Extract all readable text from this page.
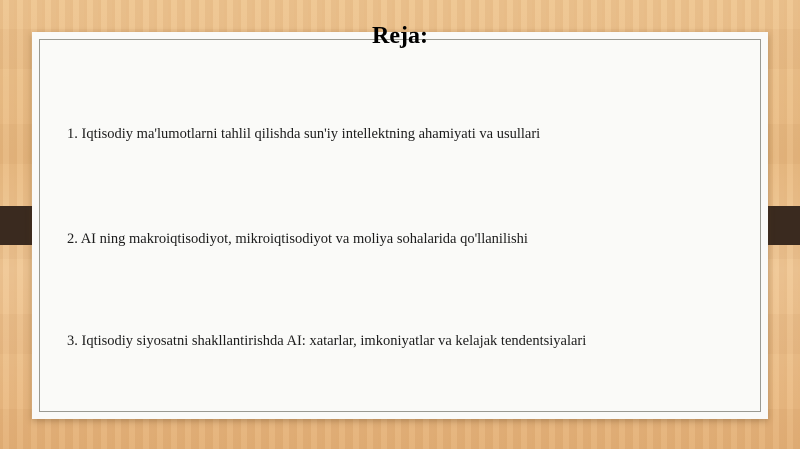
Reja:

1. Iqtisodiy ma'lumotlarni tahlil qilishda sun'iy intellektning ahamiyati va usullari

2. AI ning makroiqtisodiyot, mikroiqtisodiyot va moliya sohalarida qo'llanilishi

3. Iqtisodiy siyosatni shakllantirishda AI: xatarlar, imkoniyatlar va kelajak tendentsiyalari
